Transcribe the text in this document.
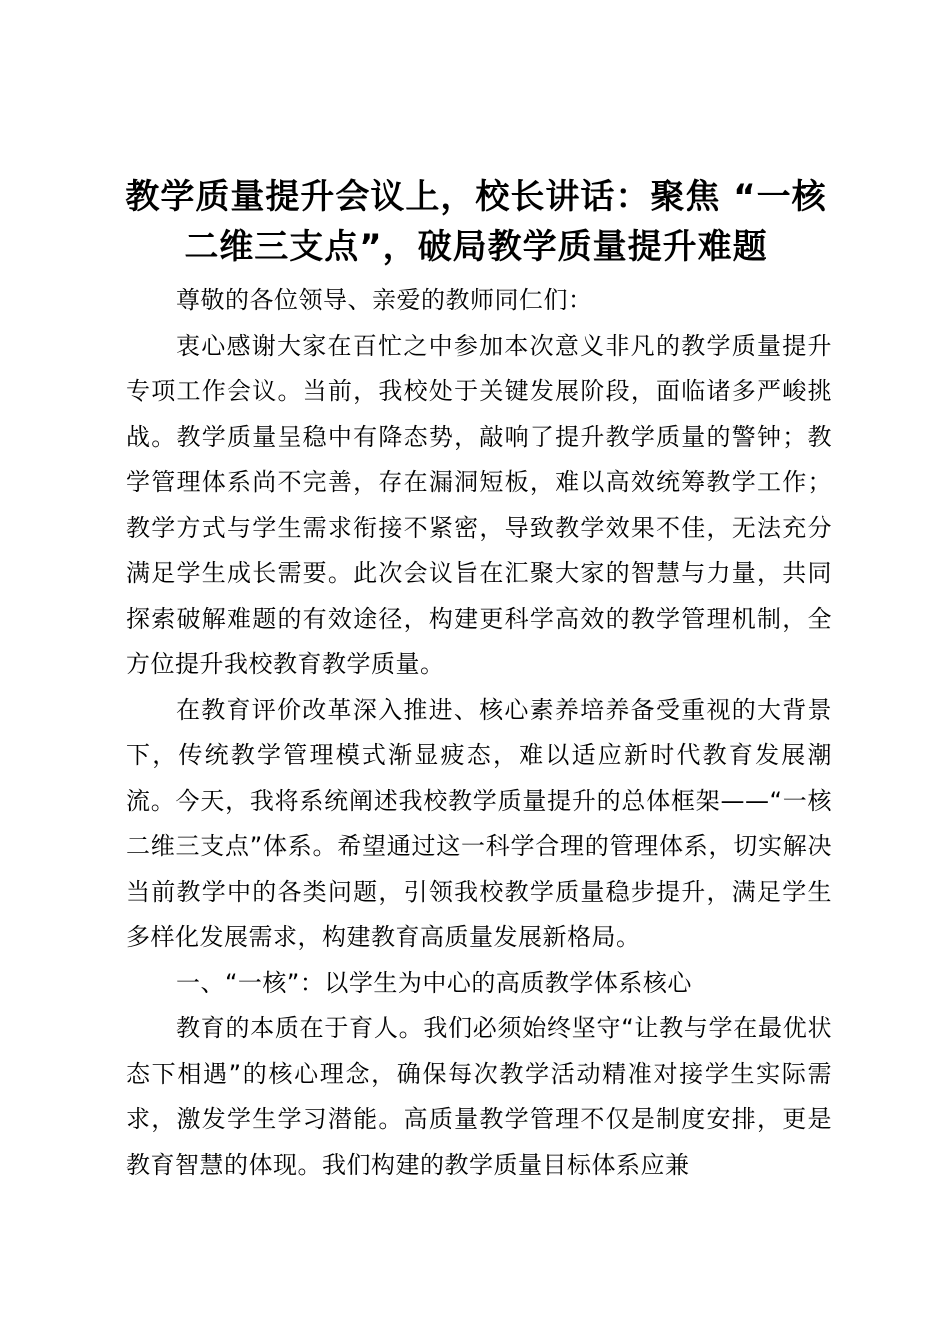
教学质量提升会议上，校长讲话：聚焦 “一核二维三支点”，破局教学质量提升难题

尊敬的各位领导、亲爱的教师同仁们：

衷心感谢大家在百忙之中参加本次意义非凡的教学质量提升专项工作会议。当前，我校处于关键发展阶段，面临诸多严峻挑战。教学质量呈稳中有降态势，敲响了提升教学质量的警钟；教学管理体系尚不完善，存在漏洞短板，难以高效统筹教学工作；教学方式与学生需求衔接不紧密，导致教学效果不佳，无法充分满足学生成长需要。此次会议旨在汇聚大家的智慧与力量，共同探索破解难题的有效途径，构建更科学高效的教学管理机制，全方位提升我校教育教学质量。

在教育评价改革深入推进、核心素养培养备受重视的大背景下，传统教学管理模式渐显疲态，难以适应新时代教育发展潮流。今天，我将系统阐述我校教学质量提升的总体框架——“一核二维三支点”体系。希望通过这一科学合理的管理体系，切实解决当前教学中的各类问题，引领我校教学质量稳步提升，满足学生多样化发展需求，构建教育高质量发展新格局。

一、“一核”：以学生为中心的高质教学体系核心

教育的本质在于育人。我们必须始终坚守“让教与学在最优状态下相遇”的核心理念，确保每次教学活动精准对接学生实际需求，激发学生学习潜能。高质量教学管理不仅是制度安排，更是教育智慧的体现。我们构建的教学质量目标体系应兼
